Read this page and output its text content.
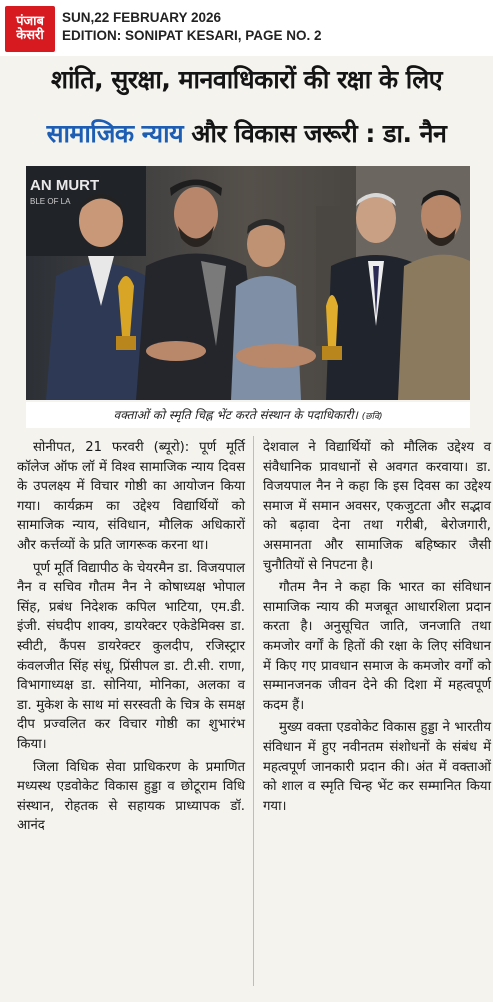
पंजाब
केसरी
SUN,22 FEBRUARY 2026
EDITION: SONIPAT KESARI, PAGE NO. 2
शांति, सुरक्षा, मानवाधिकारों की रक्षा के लिए
सामाजिक न्याय और विकास जरूरी : डा. नैन
AN MURT
BLE OF LA
वक्ताओं को स्मृति चिह्न भेंट करते संस्थान के पदाधिकारी। (छवि)

सोनीपत, 21 फरवरी (ब्यूरो): पूर्ण मूर्ति कॉलेज ऑफ लॉ में विश्व सामाजिक न्याय दिवस के उपलक्ष्य में विचार गोष्ठी का आयोजन किया गया। कार्यक्रम का उद्देश्य विद्यार्थियों को सामाजिक न्याय, संविधान, मौलिक अधिकारों और कर्त्तव्यों के प्रति जागरूक करना था।

पूर्ण मूर्ति विद्यापीठ के चेयरमैन डा. विजयपाल नैन व सचिव गौतम नैन ने कोषाध्यक्ष भोपाल सिंह, प्रबंध निदेशक कपिल भाटिया, एम.डी. इंजी. संघदीप शाक्य, डायरेक्टर एकेडेमिक्स डा. स्वीटी, कैंपस डायरेक्टर कुलदीप, रजिस्ट्रार कंवलजीत सिंह संधू, प्रिंसीपल डा. टी.सी. राणा, विभागाध्यक्ष डा. सोनिया, मोनिका, अलका व डा. मुकेश के साथ मां सरस्वती के चित्र के समक्ष दीप प्रज्वलित कर विचार गोष्ठी का शुभारंभ किया।

जिला विधिक सेवा प्राधिकरण के प्रमाणित मध्यस्थ एडवोकेट विकास हुड्डा व छोटूराम विधि संस्थान, रोहतक से सहायक प्राध्यापक डॉ. आनंद

देशवाल ने विद्यार्थियों को मौलिक उद्देश्य व संवैधानिक प्रावधानों से अवगत करवाया। डा. विजयपाल नैन ने कहा कि इस दिवस का उद्देश्य समाज में समान अवसर, एकजुटता और सद्भाव को बढ़ावा देना तथा गरीबी, बेरोजगारी, असमानता और सामाजिक बहिष्कार जैसी चुनौतियों से निपटना है।

गौतम नैन ने कहा कि भारत का संविधान सामाजिक न्याय की मजबूत आधारशिला प्रदान करता है। अनुसूचित जाति, जनजाति तथा कमजोर वर्गों के हितों की रक्षा के लिए संविधान में किए गए प्रावधान समाज के कमजोर वर्गों को सम्मानजनक जीवन देने की दिशा में महत्वपूर्ण कदम हैं।

मुख्य वक्ता एडवोकेट विकास हुड्डा ने भारतीय संविधान में हुए नवीनतम संशोधनों के संबंध में महत्वपूर्ण जानकारी प्रदान की। अंत में वक्ताओं को शाल व स्मृति चिन्ह भेंट कर सम्मानित किया गया।
